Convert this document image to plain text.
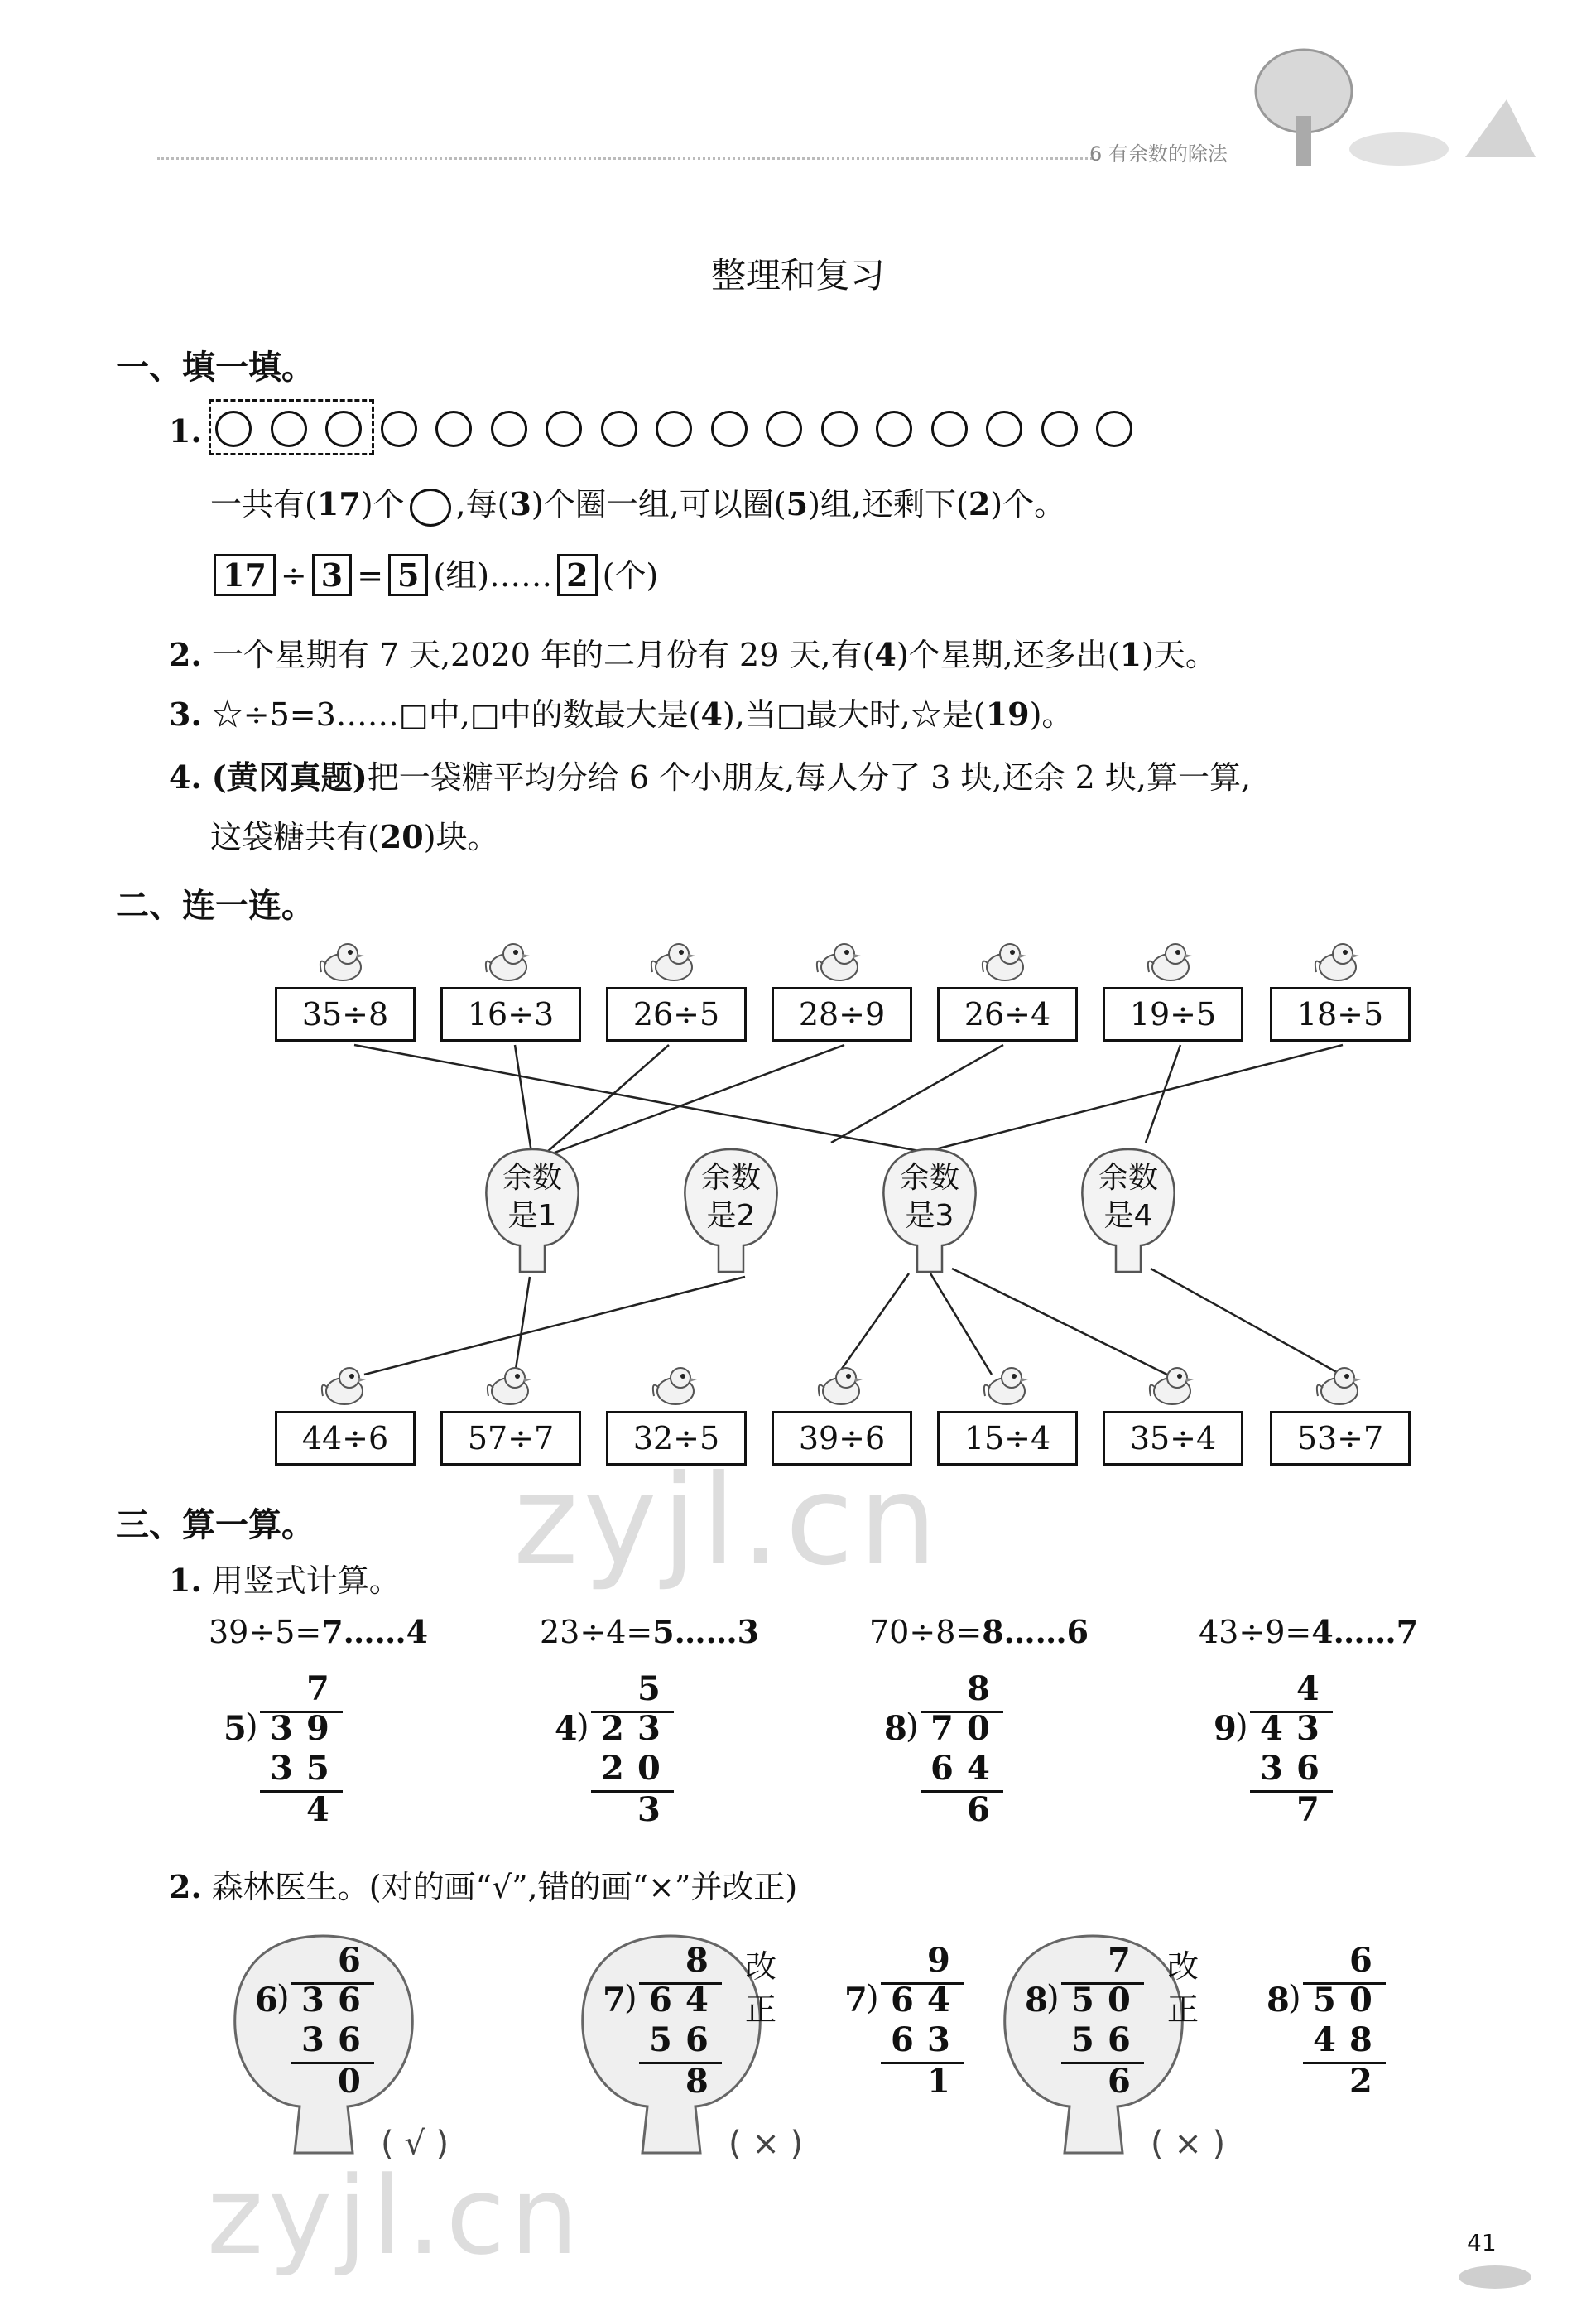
6 有余数的除法
整理和复习
一、填一填。
1.
一共有(17)个 ,每(3)个圈一组,可以圈(5)组,还剩下(2)个。
17 ÷ 3 = 5 (组)…… 2 (个)
2. 一个星期有 7 天,2020 年的二月份有 29 天,有(4)个星期,还多出(1)天。
3. ☆÷5=3……□中,□中的数最大是(4),当□最大时,☆是(19)。
4. (黄冈真题)把一袋糖平均分给 6 个小朋友,每人分了 3 块,还余 2 块,算一算,
这袋糖共有(20)块。
二、连一连。
35÷8	16÷3	26÷5	28÷9	26÷4	19÷5	18÷5
余数
是1
余数
是2
余数
是3
余数
是4
44÷6	57÷7	32÷5	39÷6	15÷4	35÷4	53÷7
三、算一算。
1. 用竖式计算。
39÷5=7……4
7
5
) 3 9
3 5
4
23÷4=5……3
5
4
) 2 3
2 0
3
70÷8=8……6
8
8
) 7 0
6 4
6
43÷9=4……7
4
9
) 4 3
3 6
7
2. 森林医生。(对的画“√”,错的画“×”并改正)
6
6
) 3 6
3 6
0
( √ )
8
7
) 6 4
5 6
8
( × )
改
正
9
7
) 6 4
6 3
1
7
8
) 5 0
5 6
6
( × )
改
正
6
8
) 5 0
4 8
2
zyjl.cn
zyjl.cn	41
